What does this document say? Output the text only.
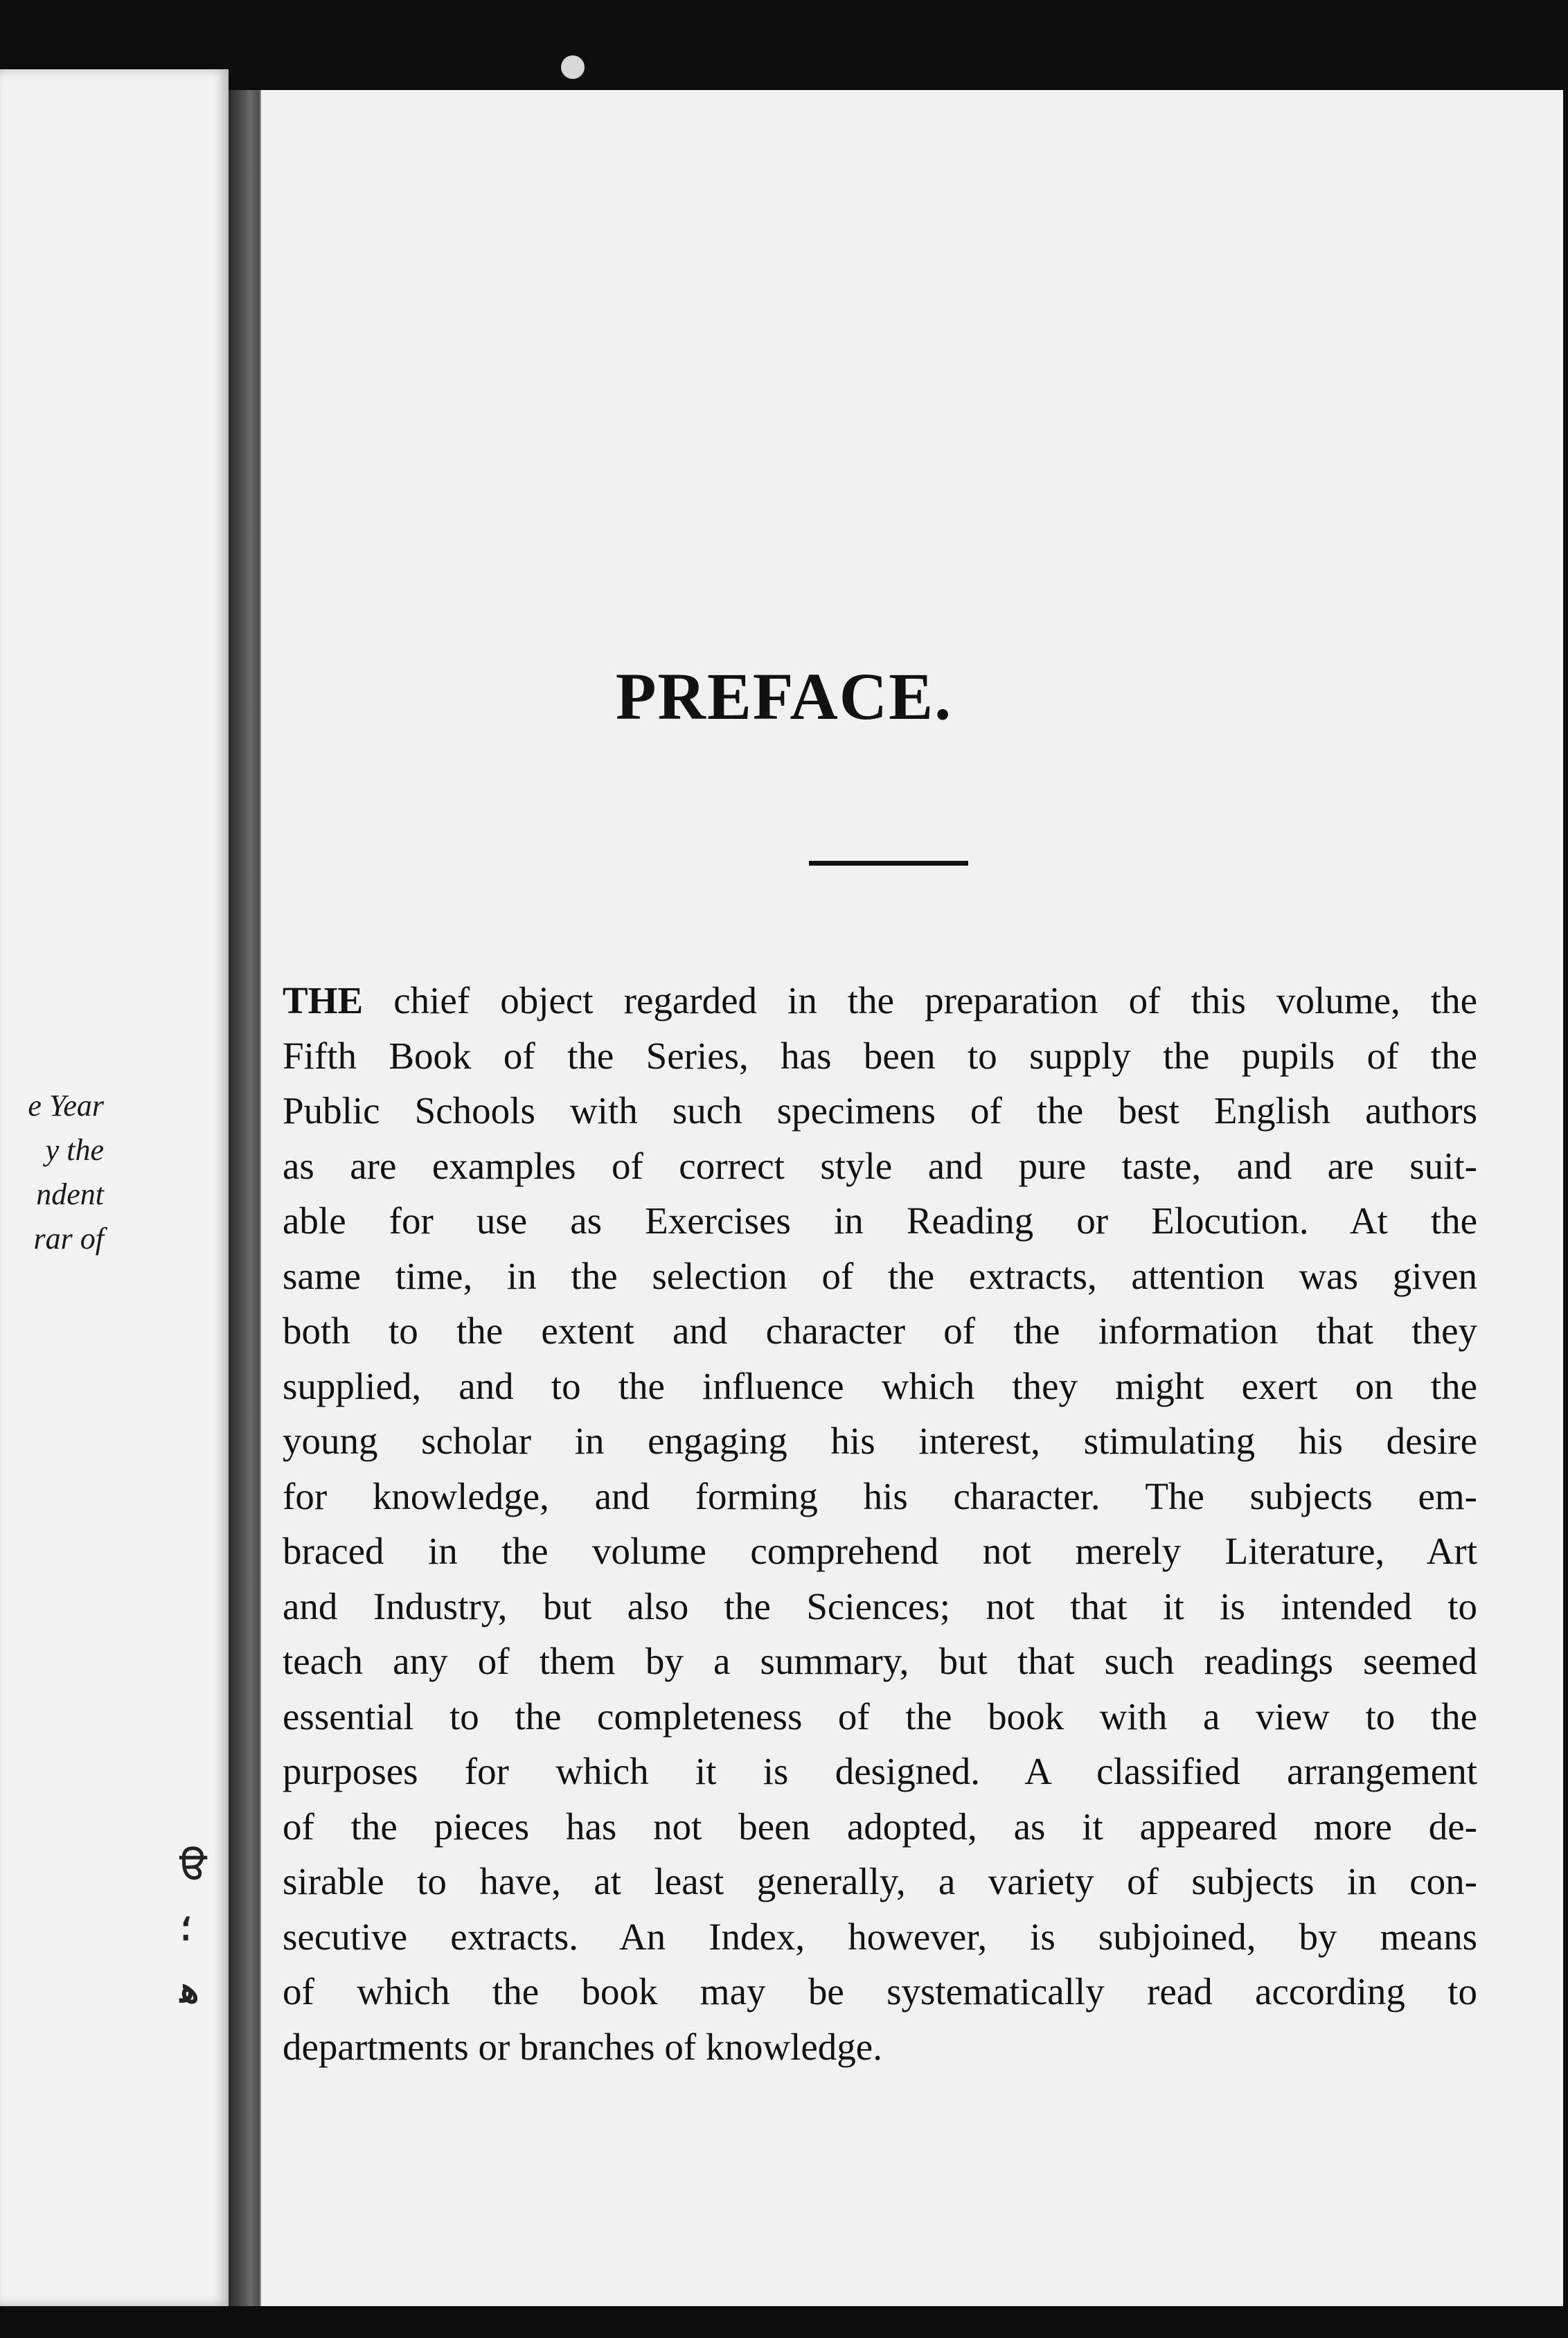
e Year
y the
ndent
rar of
PREFACE.
THE chief object regarded in the preparation of this volume, the
Fifth Book of the Series, has been to supply the pupils of the
Public Schools with such specimens of the best English authors
as are examples of correct style and pure taste, and are suit-
able for use as Exercises in Reading or Elocution. At the
same time, in the selection of the extracts, attention was given
both to the extent and character of the information that they
supplied, and to the influence which they might exert on the
young scholar in engaging his interest, stimulating his desire
for knowledge, and forming his character. The subjects em-
braced in the volume comprehend not merely Literature, Art
and Industry, but also the Sciences; not that it is intended to
teach any of them by a summary, but that such readings seemed
essential to the completeness of the book with a view to the
purposes for which it is designed. A classified arrangement
of the pieces has not been adopted, as it appeared more de-
sirable to have, at least generally, a variety of subjects in con-
secutive extracts. An Index, however, is subjoined, by means
of which the book may be systematically read according to
departments or branches of knowledge.
ੳ
؛
ﻫ
